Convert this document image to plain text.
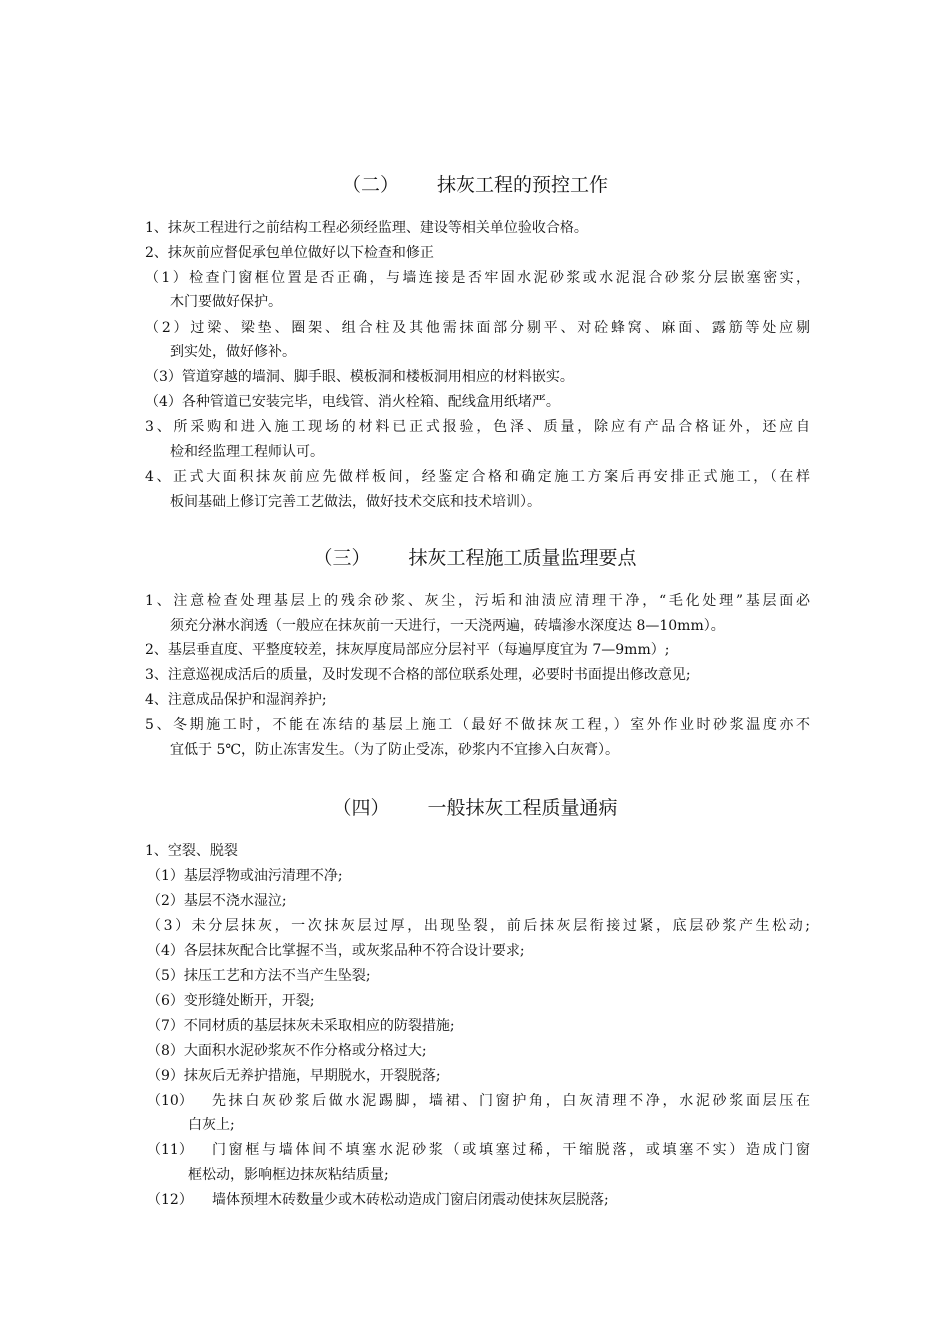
（二） 抹灰工程的预控工作
1、抹灰工程进行之前结构工程必须经监理、建设等相关单位验收合格。
2、抹灰前应督促承包单位做好以下检查和修正
（1）检查门窗框位置是否正确，与墙连接是否牢固水泥砂浆或水泥混合砂浆分层嵌塞密实，
木门要做好保护。
（2）过梁、梁垫、圈架、组合柱及其他需抹面部分剔平、对砼蜂窝、麻面、露筋等处应剔
到实处，做好修补。
（3）管道穿越的墙洞、脚手眼、模板洞和楼板洞用相应的材料嵌实。
（4）各种管道已安装完毕，电线管、消火栓箱、配线盒用纸堵严。
3、所采购和进入施工现场的材料已正式报验，色泽、质量，除应有产品合格证外，还应自
检和经监理工程师认可。
4、正式大面积抹灰前应先做样板间，经鉴定合格和确定施工方案后再安排正式施工，（在样
板间基础上修订完善工艺做法，做好技术交底和技术培训）。
（三） 抹灰工程施工质量监理要点
1、注意检查处理基层上的残余砂浆、灰尘，污垢和油渍应清理干净，“毛化处理”基层面必
须充分淋水润透（一般应在抹灰前一天进行，一天浇两遍，砖墙渗水深度达 8—10mm）。
2、基层垂直度、平整度较差，抹灰厚度局部应分层衬平（每遍厚度宜为 7—9mm）;
3、注意巡视成活后的质量，及时发现不合格的部位联系处理，必要时书面提出修改意见;
4、注意成品保护和湿润养护;
5、冬期施工时，不能在冻结的基层上施工（最好不做抹灰工程，）室外作业时砂浆温度亦不
宜低于 5℃，防止冻害发生。（为了防止受冻，砂浆内不宜掺入白灰膏）。
（四） 一般抹灰工程质量通病
1、空裂、脱裂
（1）基层浮物或油污清理不净;
（2）基层不浇水湿泣;
（3）未分层抹灰，一次抹灰层过厚，出现坠裂，前后抹灰层衔接过紧，底层砂浆产生松动;
（4）各层抹灰配合比掌握不当，或灰浆品种不符合设计要求;
（5）抹压工艺和方法不当产生坠裂;
（6）变形缝处断开，开裂;
（7）不同材质的基层抹灰未采取相应的防裂措施;
（8）大面积水泥砂浆灰不作分格或分格过大;
（9）抹灰后无养护措施，早期脱水，开裂脱落;
（10）	先抹白灰砂浆后做水泥踢脚，墙裙、门窗护角，白灰清理不净，水泥砂浆面层压在
白灰上;
（11）	门窗框与墙体间不填塞水泥砂浆（或填塞过稀，干缩脱落，或填塞不实）造成门窗
框松动，影响框边抹灰粘结质量;
（12）	墙体预埋木砖数量少或木砖松动造成门窗启闭震动使抹灰层脱落;
